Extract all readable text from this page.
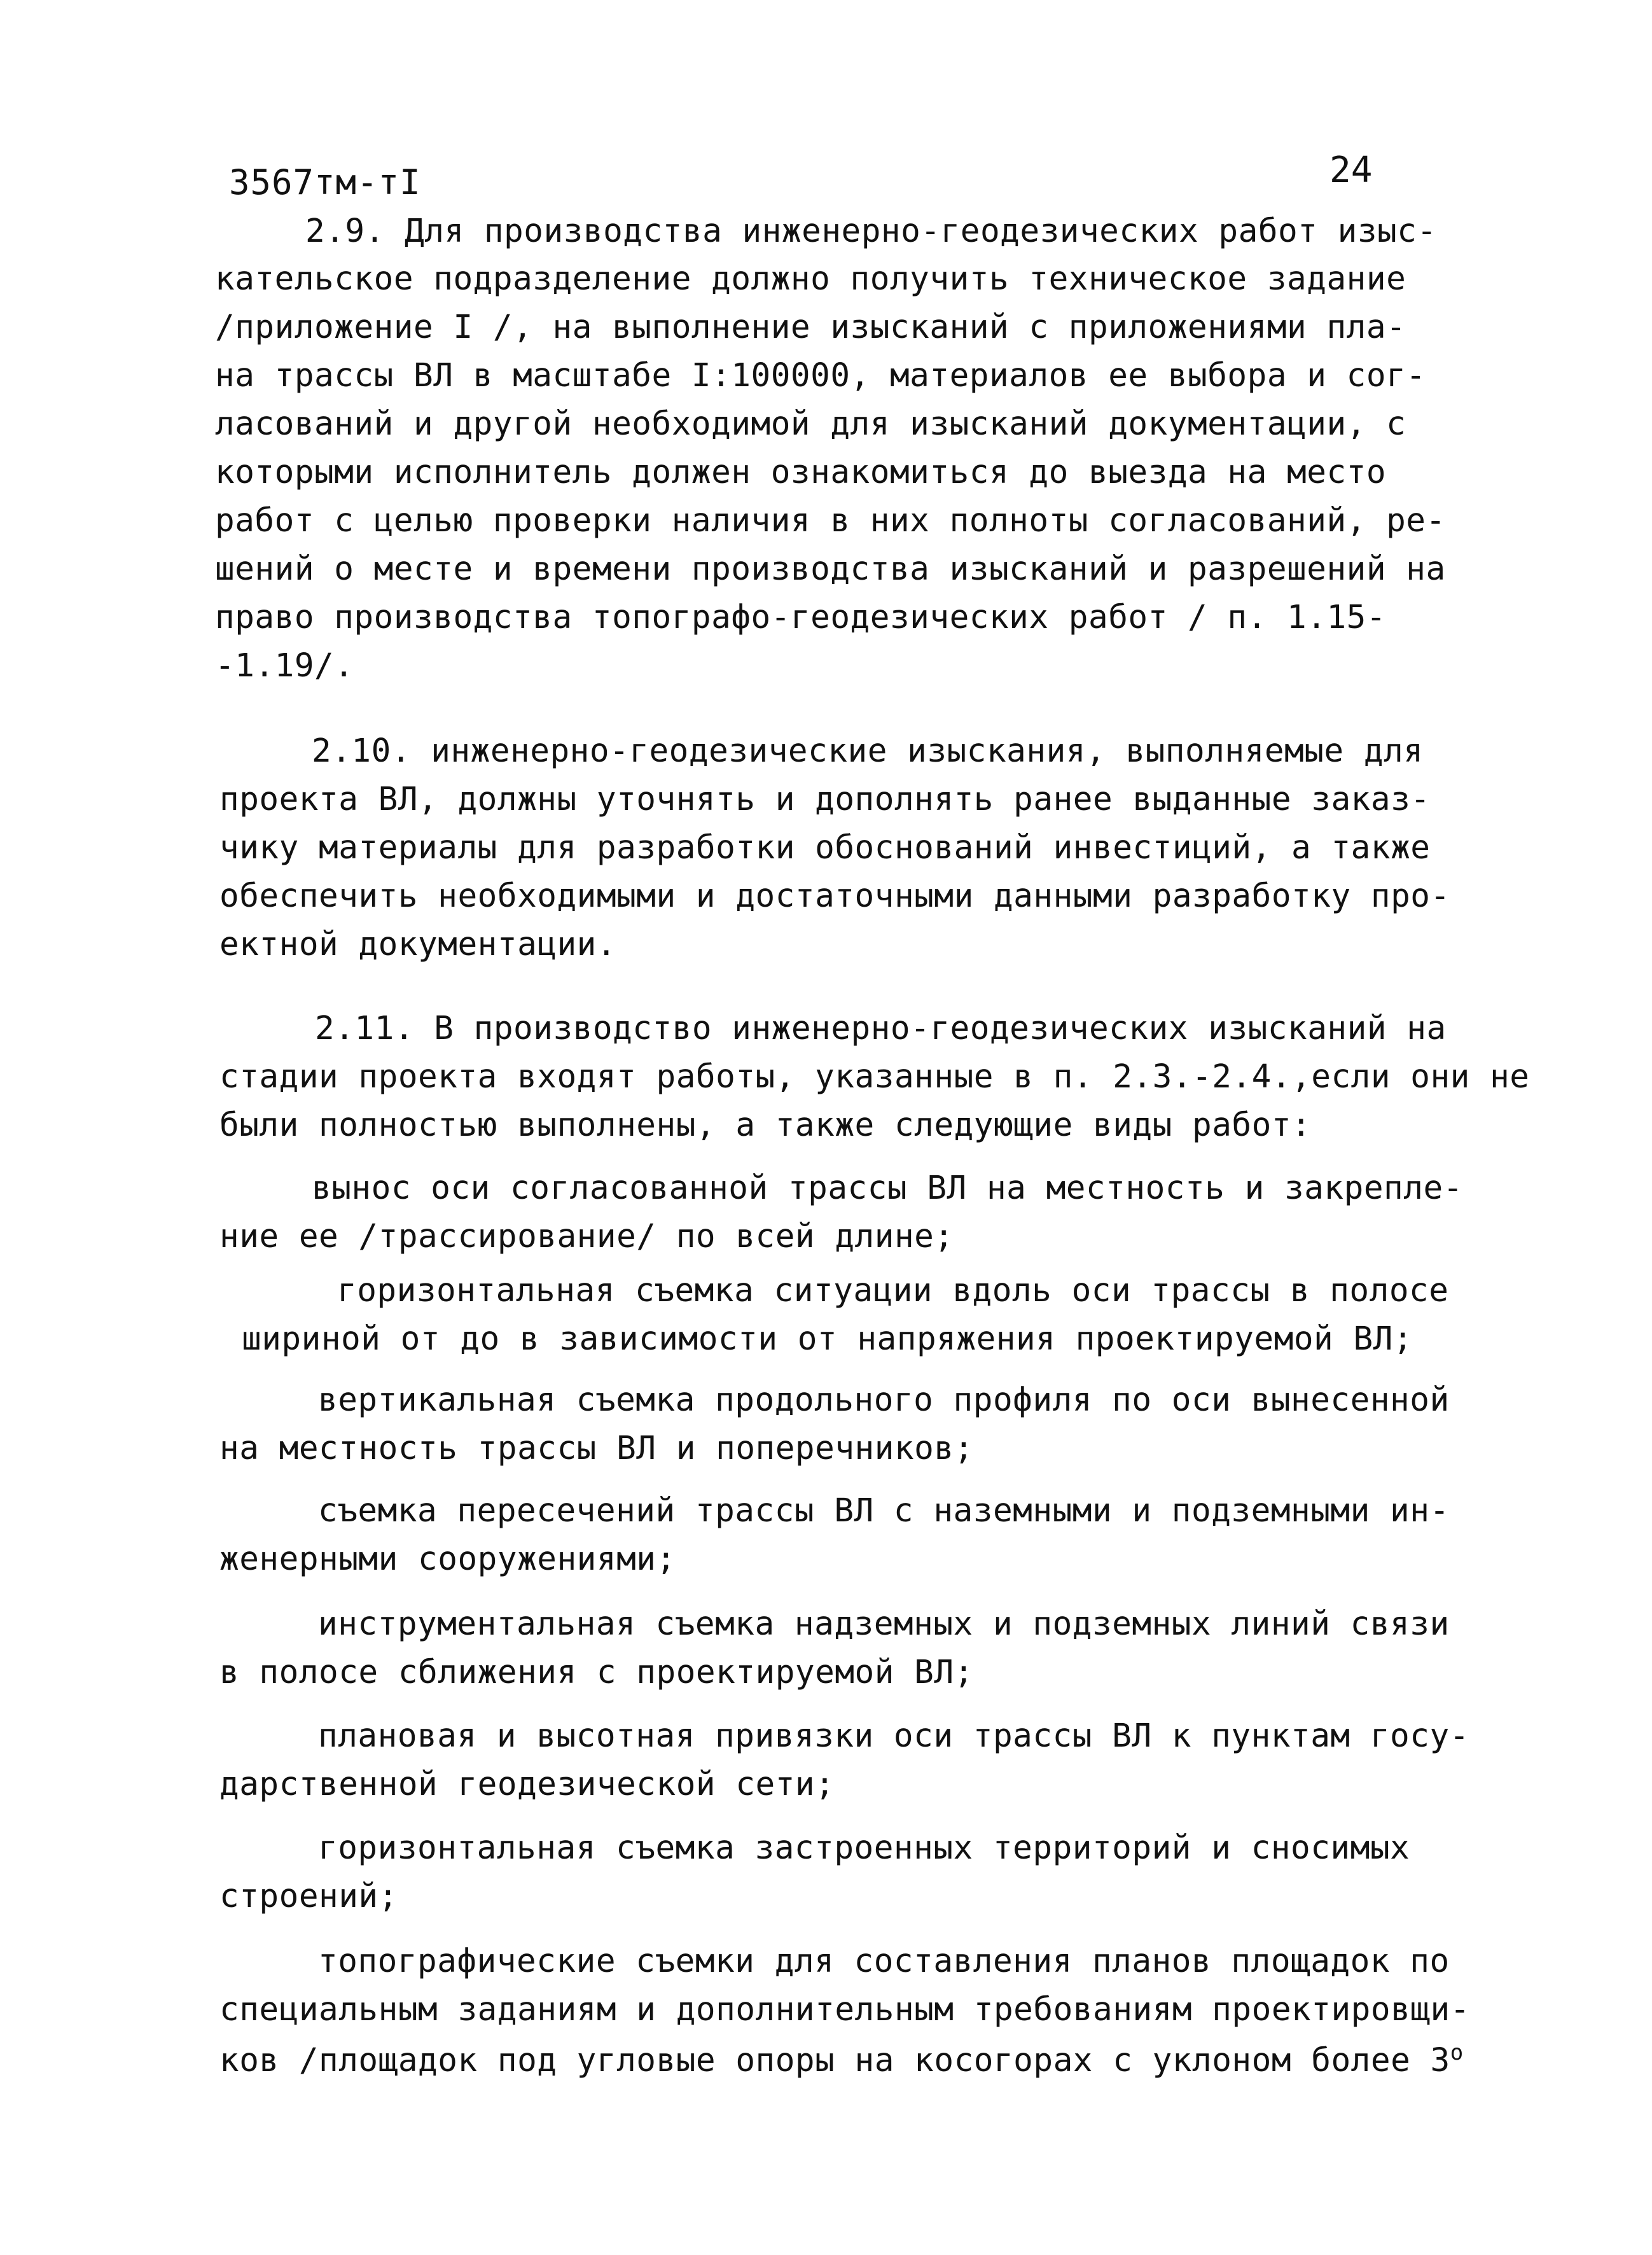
3567тм-тI	24
2.9. Для производства инженерно-геодезических работ изыс-
кательское подразделение должно получить техническое задание
/приложение I /, на выполнение изысканий с приложениями пла-
на трассы ВЛ в масштабе I:100000, материалов ее выбора и сог-
ласований и другой необходимой для изысканий документации, с
которыми исполнитель должен ознакомиться до выезда на место
работ с целью проверки наличия в них полноты согласований, ре-
шений о месте и времени производства изысканий и разрешений на
право производства топографо-геодезических работ / п. 1.15-
-1.19/.
2.10. инженерно-геодезические изыскания, выполняемые для
проекта ВЛ, должны уточнять и дополнять ранее выданные заказ-
чику материалы для разработки обоснований инвестиций, а также
обеспечить необходимыми и достаточными данными разработку про-
ектной документации.
2.11. В производство инженерно-геодезических изысканий на
стадии проекта входят работы, указанные в п. 2.3.-2.4.,если они не
были полностью выполнены, а также следующие виды работ:
вынос оси согласованной трассы ВЛ на местность и закрепле-
ние ее /трассирование/ по всей длине;
горизонтальная съемка ситуации вдоль оси трассы в полосе
шириной от до в зависимости от напряжения проектируемой ВЛ;
вертикальная съемка продольного профиля по оси вынесенной
на местность трассы ВЛ и поперечников;
съемка пересечений трассы ВЛ с наземными и подземными ин-
женерными сооружениями;
инструментальная съемка надземных и подземных линий связи
в полосе сближения с проектируемой ВЛ;
плановая и высотная привязки оси трассы ВЛ к пунктам госу-
дарственной геодезической сети;
горизонтальная съемка застроенных территорий и сносимых
строений;
топографические съемки для составления планов площадок по
специальным заданиям и дополнительным требованиям проектировщи-
ков /площадок под угловые опоры на косогорах с уклоном более $3^о$
